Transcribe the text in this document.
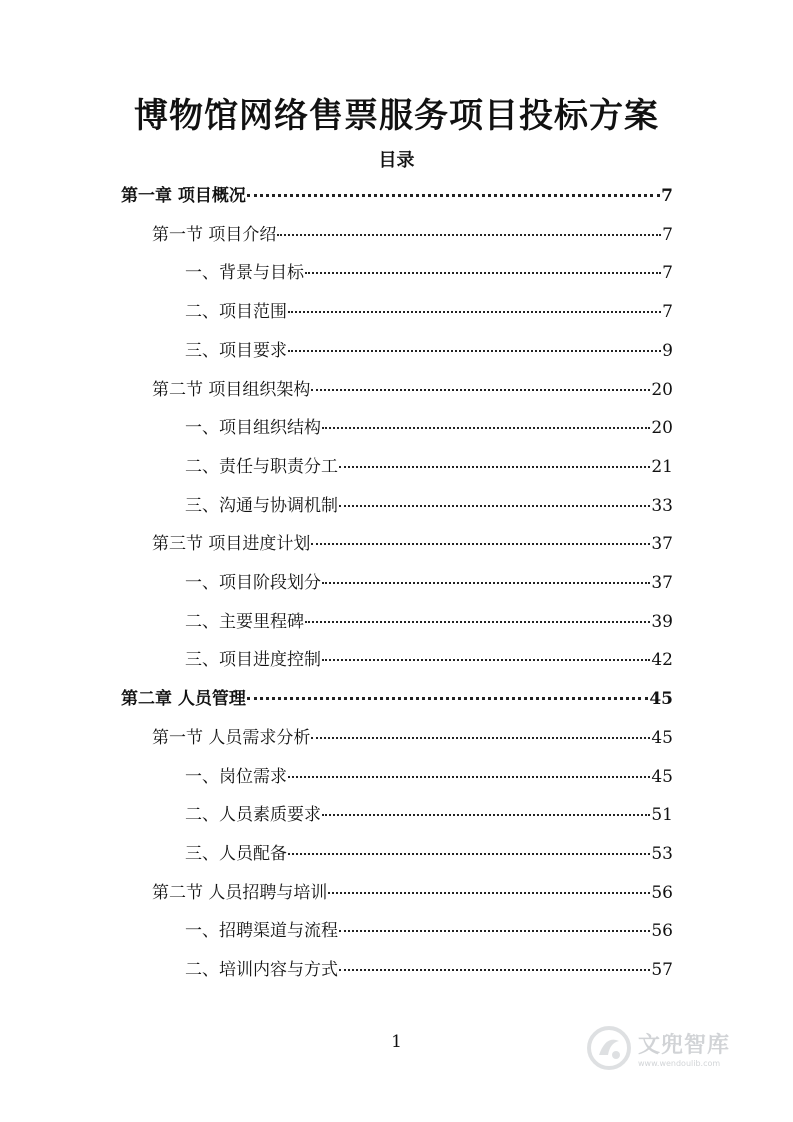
博物馆网络售票服务项目投标方案
目录
第一章 项目概况	7
第一节 项目介绍	7
一、背景与目标	7
二、项目范围	7
三、项目要求	9
第二节 项目组织架构	20
一、项目组织结构	20
二、责任与职责分工	21
三、沟通与协调机制	33
第三节 项目进度计划	37
一、项目阶段划分	37
二、主要里程碑	39
三、项目进度控制	42
第二章 人员管理	45
第一节 人员需求分析	45
一、岗位需求	45
二、人员素质要求	51
三、人员配备	53
第二节 人员招聘与培训	56
一、招聘渠道与流程	56
二、培训内容与方式	57
1	文兜智库
www.wendoulib.com
